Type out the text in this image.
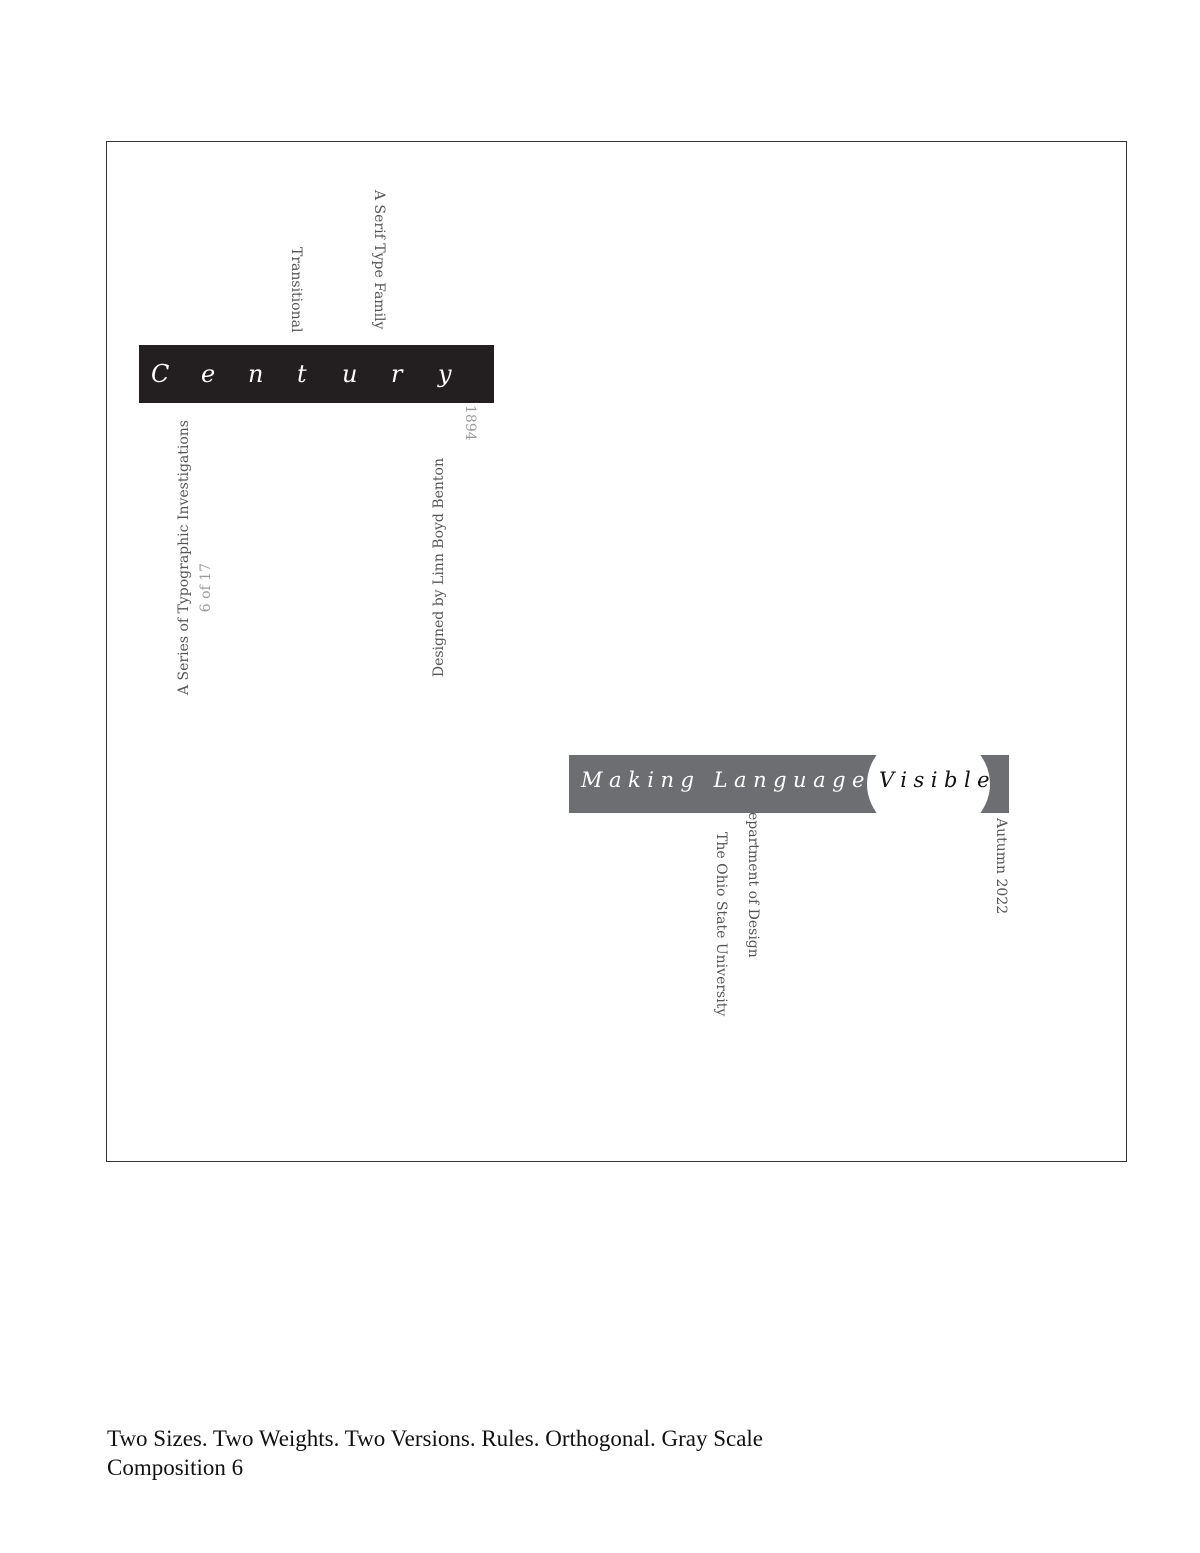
Transitional	A Serif Type Family
C e n t u r y
1894
A Series of Typographic Investigations 6 of 17	Designed by Linn Boyd Benton
Making Language Visible
epartment of Design
The Ohio State University	Autumn 2022
Two Sizes. Two Weights. Two Versions. Rules. Orthogonal. Gray Scale
Composition 6
